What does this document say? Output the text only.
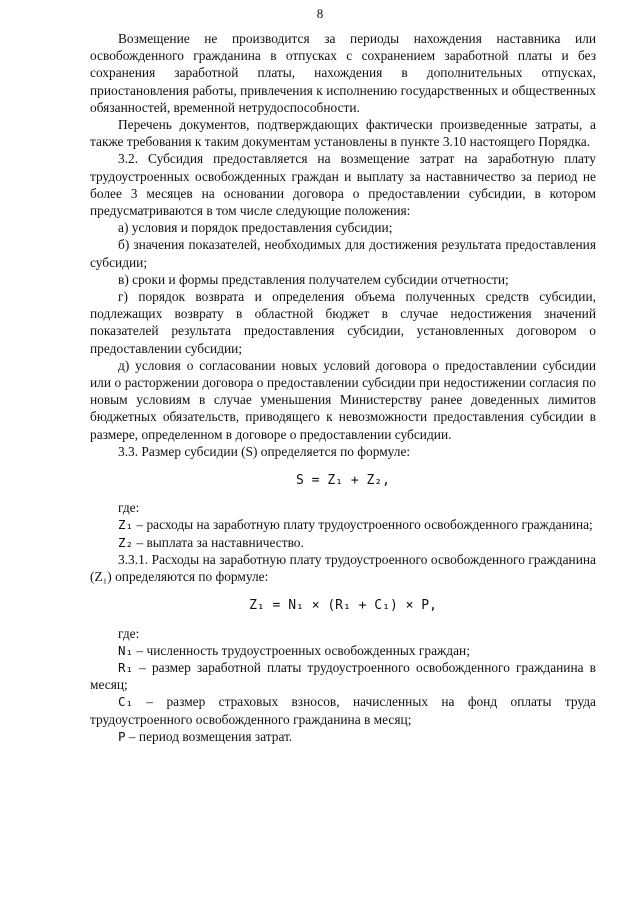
8

Возмещение не производится за периоды нахождения наставника или освобожденного гражданина в отпусках с сохранением заработной платы и без сохранения заработной платы, нахождения в дополнительных отпусках, приостановления работы, привлечения к исполнению государственных и общественных обязанностей, временной нетрудоспособности.

Перечень документов, подтверждающих фактически произведенные затраты, а также требования к таким документам установлены в пункте 3.10 настоящего Порядка.

3.2. Субсидия предоставляется на возмещение затрат на заработную плату трудоустроенных освобожденных граждан и выплату за наставничество за период не более 3 месяцев на основании договора о предоставлении субсидии, в котором предусматриваются в том числе следующие положения:

а) условия и порядок предоставления субсидии;

б) значения показателей, необходимых для достижения результата предоставления субсидии;

в) сроки и формы представления получателем субсидии отчетности;

г) порядок возврата и определения объема полученных средств субсидии, подлежащих возврату в областной бюджет в случае недостижения значений показателей результата предоставления субсидии, установленных договором о предоставлении субсидии;

д) условия о согласовании новых условий договора о предоставлении субсидии или о расторжении договора о предоставлении субсидии при недостижении согласия по новым условиям в случае уменьшения Министерству ранее доведенных лимитов бюджетных обязательств, приводящего к невозможности предоставления субсидии в размере, определенном в договоре о предоставлении субсидии.

3.3. Размер субсидии (S) определяется по формуле:

S = Z₁ + Z₂,

где:

Z₁ – расходы на заработную плату трудоустроенного освобожденного гражданина;

Z₂ – выплата за наставничество.

3.3.1. Расходы на заработную плату трудоустроенного освобожденного гражданина (Z₁) определяются по формуле:

Z₁ = N₁ × (R₁ + C₁) × P,

где:

N₁ – численность трудоустроенных освобожденных граждан;

R₁ – размер заработной платы трудоустроенного освобожденного гражданина в месяц;

C₁ – размер страховых взносов, начисленных на фонд оплаты труда трудоустроенного освобожденного гражданина в месяц;

P – период возмещения затрат.
